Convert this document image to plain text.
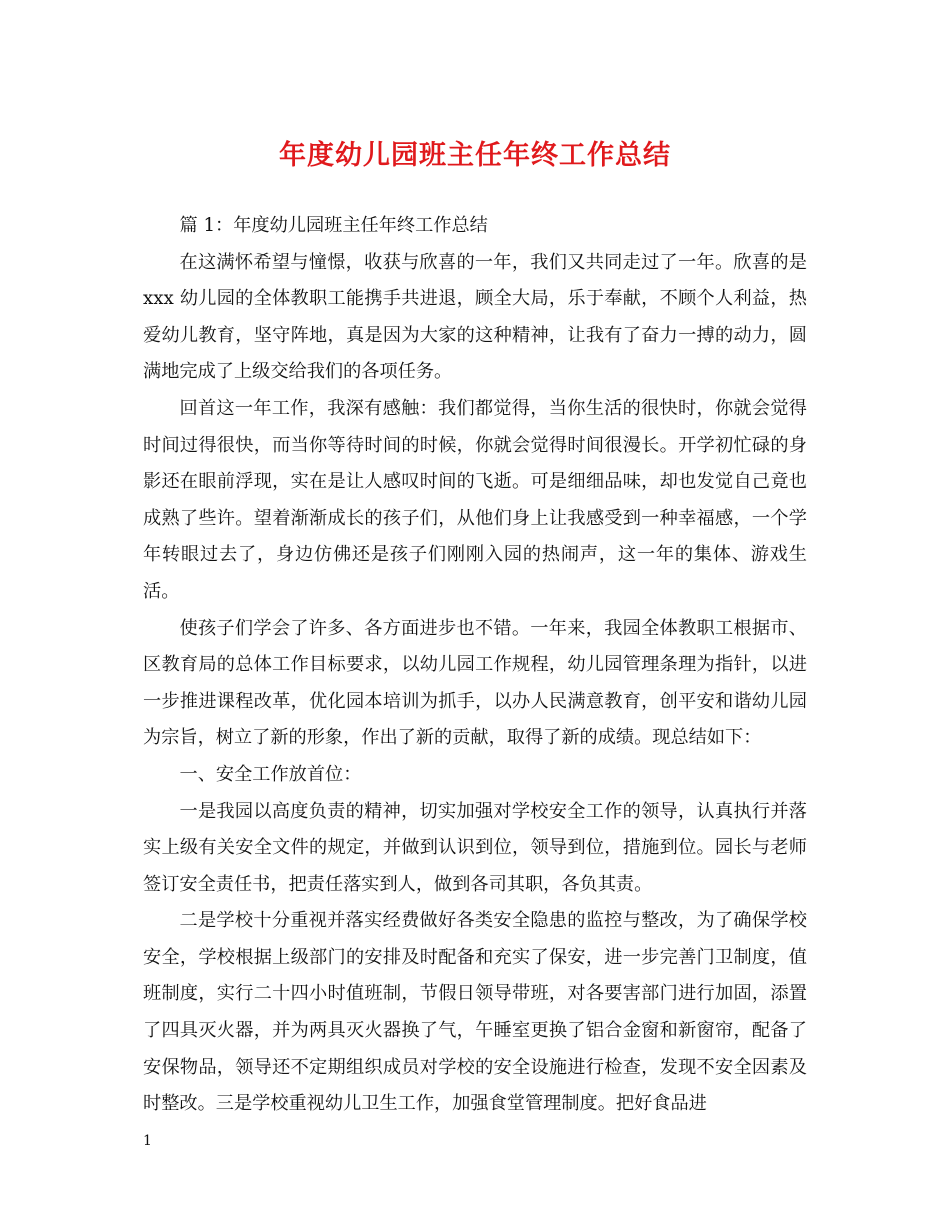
年度幼儿园班主任年终工作总结

篇 1：年度幼儿园班主任年终工作总结

在这满怀希望与憧憬，收获与欣喜的一年，我们又共同走过了一年。欣喜的是 xxx 幼儿园的全体教职工能携手共进退，顾全大局，乐于奉献，不顾个人利益，热爱幼儿教育，坚守阵地，真是因为大家的这种精神，让我有了奋力一搏的动力，圆满地完成了上级交给我们的各项任务。

回首这一年工作，我深有感触：我们都觉得，当你生活的很快时，你就会觉得时间过得很快，而当你等待时间的时候，你就会觉得时间很漫长。开学初忙碌的身影还在眼前浮现，实在是让人感叹时间的飞逝。可是细细品味，却也发觉自己竟也成熟了些许。望着渐渐成长的孩子们，从他们身上让我感受到一种幸福感，一个学年转眼过去了，身边仿佛还是孩子们刚刚入园的热闹声，这一年的集体、游戏生活。

使孩子们学会了许多、各方面进步也不错。一年来，我园全体教职工根据市、区教育局的总体工作目标要求，以幼儿园工作规程，幼儿园管理条理为指针，以进一步推进课程改革，优化园本培训为抓手，以办人民满意教育，创平安和谐幼儿园为宗旨，树立了新的形象，作出了新的贡献，取得了新的成绩。现总结如下：

一、安全工作放首位：

一是我园以高度负责的精神，切实加强对学校安全工作的领导，认真执行并落实上级有关安全文件的规定，并做到认识到位，领导到位，措施到位。园长与老师签订安全责任书，把责任落实到人，做到各司其职，各负其责。

二是学校十分重视并落实经费做好各类安全隐患的监控与整改，为了确保学校安全，学校根据上级部门的安排及时配备和充实了保安，进一步完善门卫制度，值班制度，实行二十四小时值班制，节假日领导带班，对各要害部门进行加固，添置了四具灭火器，并为两具灭火器换了气，午睡室更换了铝合金窗和新窗帘，配备了安保物品，领导还不定期组织成员对学校的安全设施进行检查，发现不安全因素及时整改。三是学校重视幼儿卫生工作，加强食堂管理制度。把好食品进

1
